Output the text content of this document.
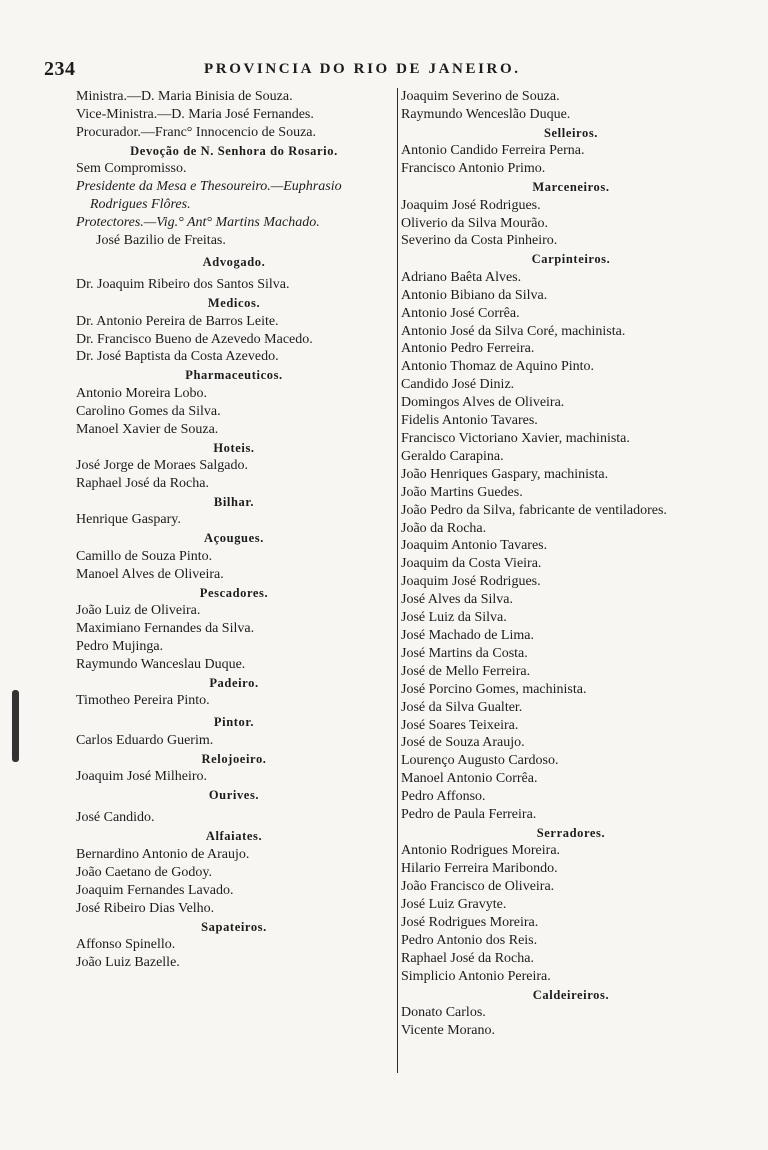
234	PROVINCIA DO RIO DE JANEIRO.
Ministra.—D. Maria Binisia de Souza.
Vice-Ministra.—D. Maria José Fernandes.
Procurador.—Franc° Innocencio de Souza.
Devoção de N. Senhora do Rosario.
Sem Compromisso.
Presidente da Mesa e Thesoureiro.—Euphrasio Rodrigues Flôres.
Protectores.—Vig.° Ant° Martins Machado.
José Bazilio de Freitas.
Advogado.
Dr. Joaquim Ribeiro dos Santos Silva.
Medicos.
Dr. Antonio Pereira de Barros Leite.
Dr. Francisco Bueno de Azevedo Macedo.
Dr. José Baptista da Costa Azevedo.
Pharmaceuticos.
Antonio Moreira Lobo.
Carolino Gomes da Silva.
Manoel Xavier de Souza.
Hoteis.
José Jorge de Moraes Salgado.
Raphael José da Rocha.
Bilhar.
Henrique Gaspary.
Açougues.
Camillo de Souza Pinto.
Manoel Alves de Oliveira.
Pescadores.
João Luiz de Oliveira.
Maximiano Fernandes da Silva.
Pedro Mujinga.
Raymundo Wanceslau Duque.
Padeiro.
Timotheo Pereira Pinto.
Pintor.
Carlos Eduardo Guerim.
Relojoeiro.
Joaquim José Milheiro.
Ourives.
José Candido.
Alfaiates.
Bernardino Antonio de Araujo.
João Caetano de Godoy.
Joaquim Fernandes Lavado.
José Ribeiro Dias Velho.
Sapateiros.
Affonso Spinello.
João Luiz Bazelle.
Joaquim Severino de Souza.
Raymundo Wenceslão Duque.
Selleiros.
Antonio Candido Ferreira Perna.
Francisco Antonio Primo.
Marceneiros.
Joaquim José Rodrigues.
Oliverio da Silva Mourão.
Severino da Costa Pinheiro.
Carpinteiros.
Adriano Baêta Alves.
Antonio Bibiano da Silva.
Antonio José Corrêa.
Antonio José da Silva Coré, machinista.
Antonio Pedro Ferreira.
Antonio Thomaz de Aquino Pinto.
Candido José Diniz.
Domingos Alves de Oliveira.
Fidelis Antonio Tavares.
Francisco Victoriano Xavier, machinista.
Geraldo Carapina.
João Henriques Gaspary, machinista.
João Martins Guedes.
João Pedro da Silva, fabricante de ventiladores.
João da Rocha.
Joaquim Antonio Tavares.
Joaquim da Costa Vieira.
Joaquim José Rodrigues.
José Alves da Silva.
José Luiz da Silva.
José Machado de Lima.
José Martins da Costa.
José de Mello Ferreira.
José Porcino Gomes, machinista.
José da Silva Gualter.
José Soares Teixeira.
José de Souza Araujo.
Lourenço Augusto Cardoso.
Manoel Antonio Corrêa.
Pedro Affonso.
Pedro de Paula Ferreira.
Serradores.
Antonio Rodrigues Moreira.
Hilario Ferreira Maribondo.
João Francisco de Oliveira.
José Luiz Gravyte.
José Rodrigues Moreira.
Pedro Antonio dos Reis.
Raphael José da Rocha.
Simplicio Antonio Pereira.
Caldeireiros.
Donato Carlos.
Vicente Morano.
